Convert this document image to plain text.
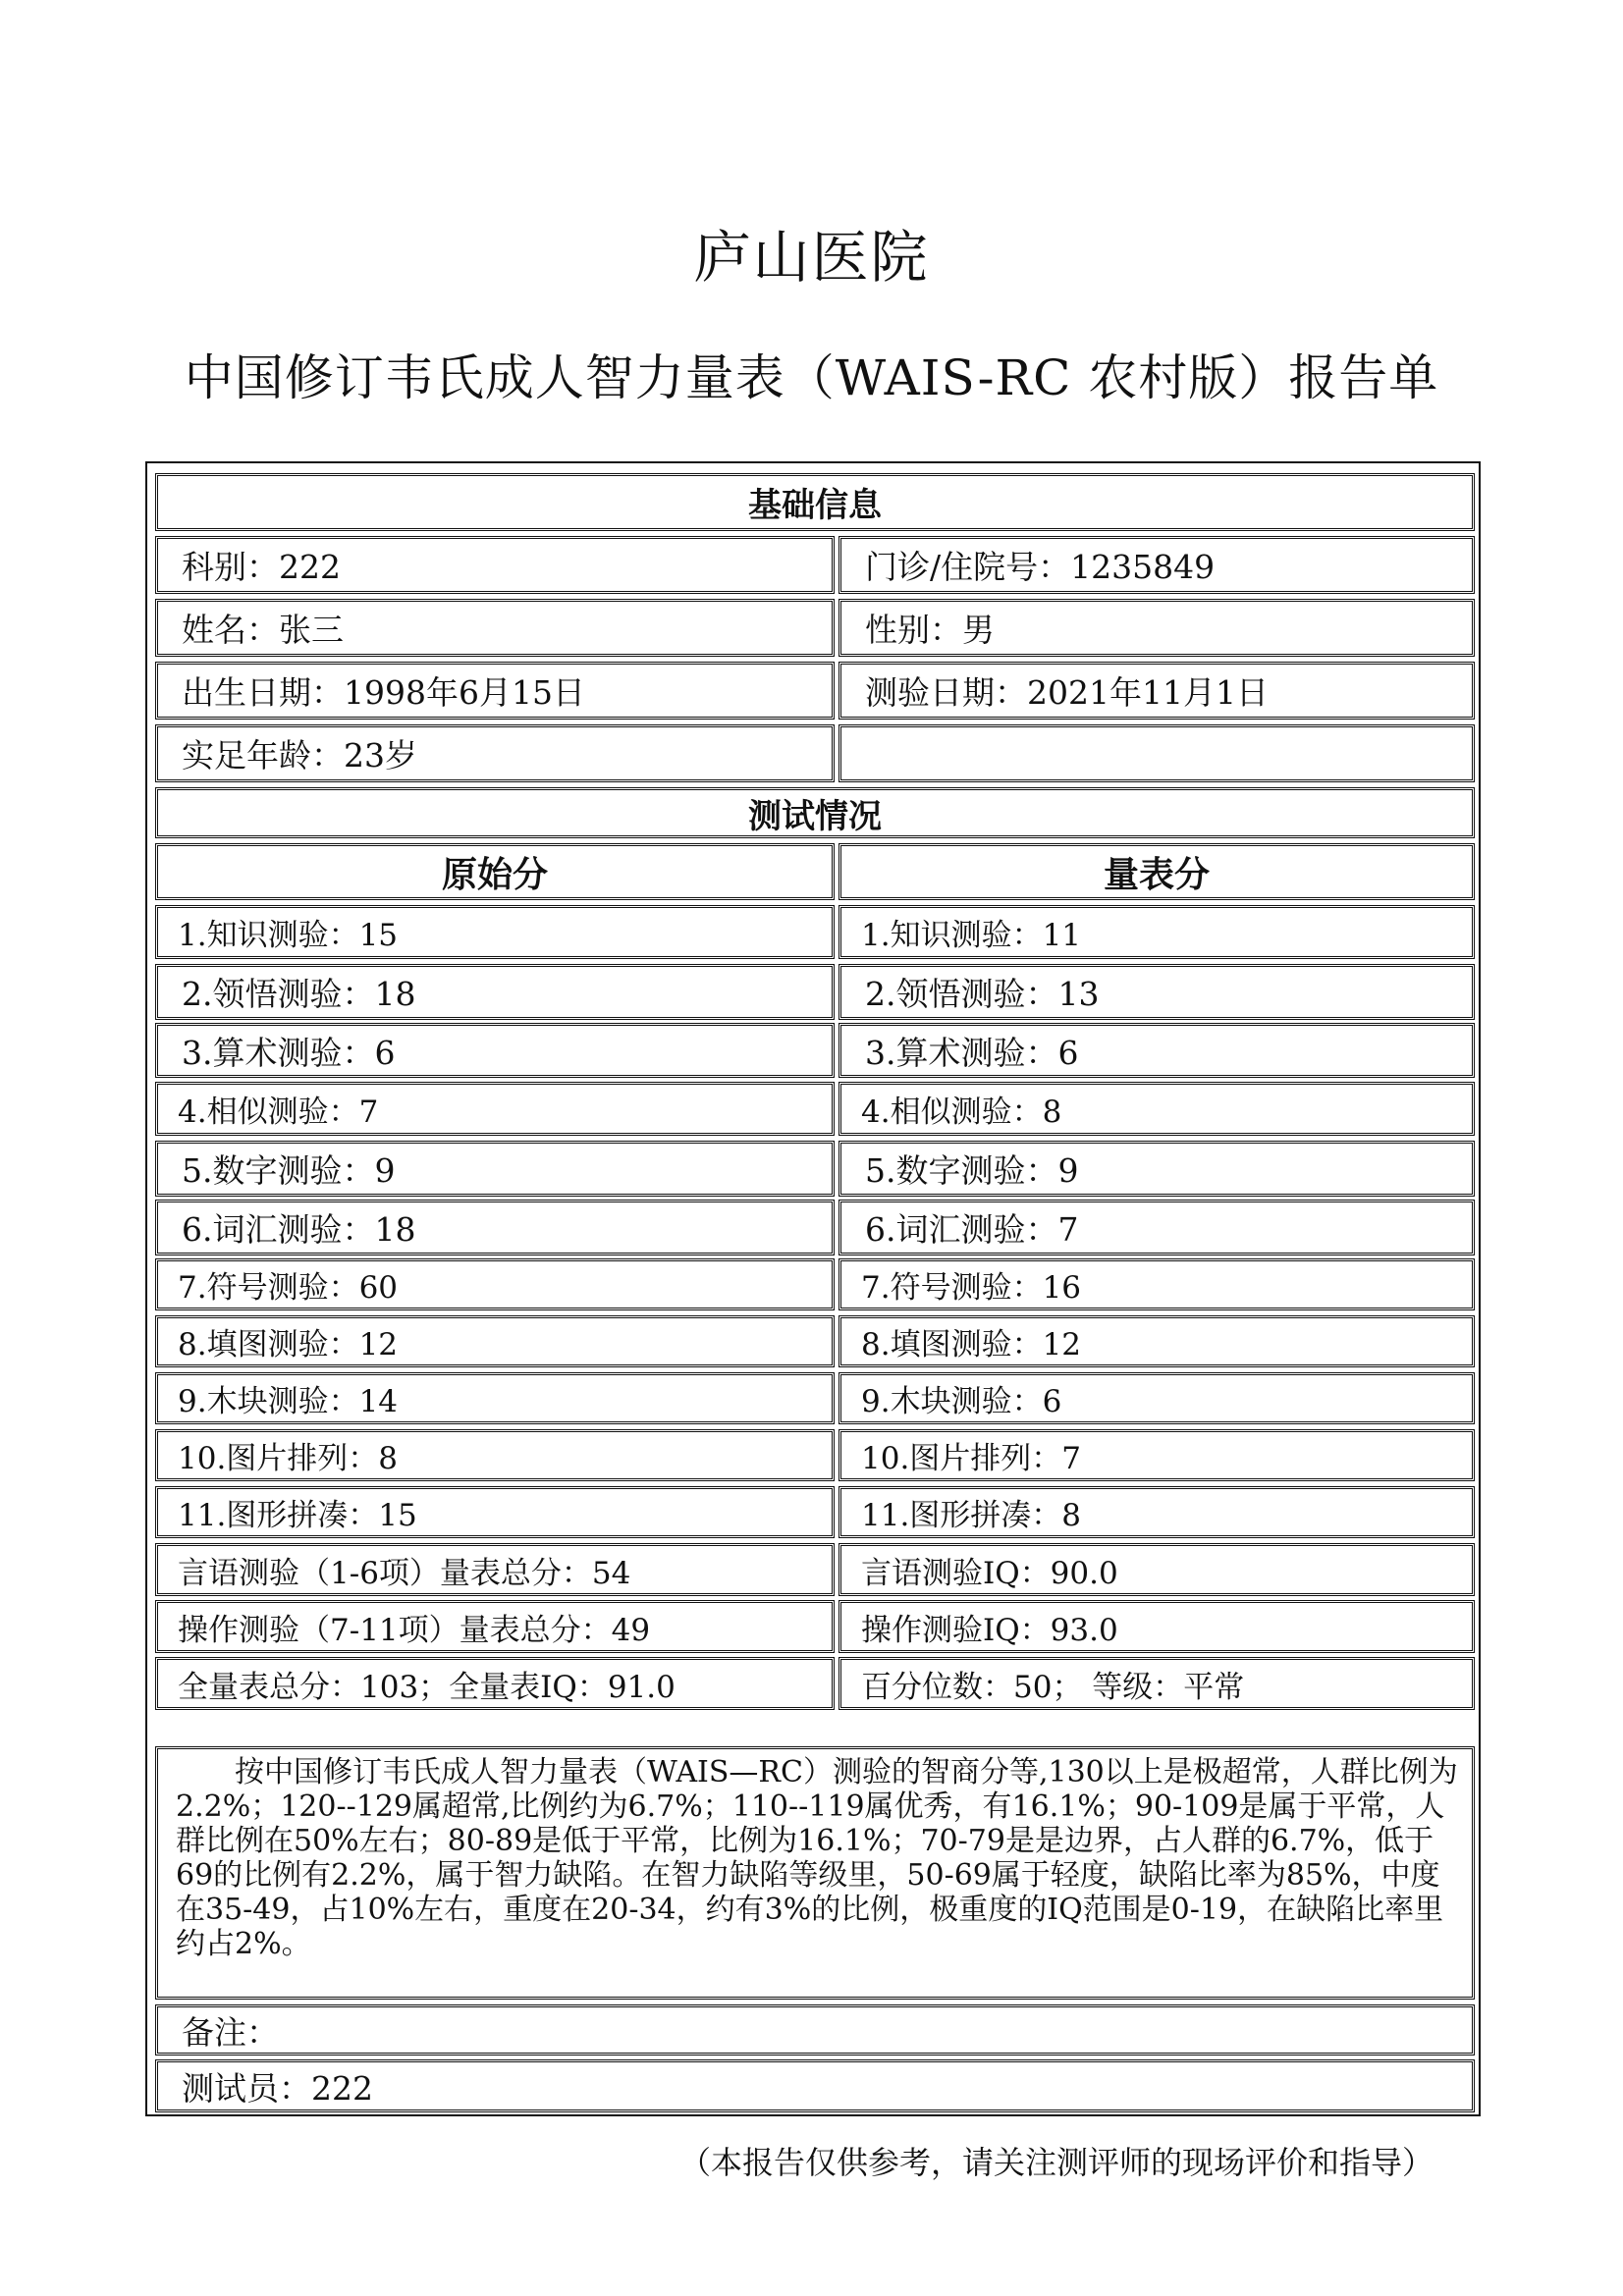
庐山医院
中国修订韦氏成人智力量表（WAIS-RC 农村版）报告单
基础信息
科别：222	门诊/住院号：1235849
姓名：张三	性别：男
出生日期：1998年6月15日	测验日期：2021年11月1日
实足年龄：23岁
测试情况
原始分	量表分
1.知识测验：15	1.知识测验：11
2.领悟测验：18	2.领悟测验：13
3.算术测验：6	3.算术测验：6
4.相似测验：7	4.相似测验：8
5.数字测验：9	5.数字测验：9
6.词汇测验：18	6.词汇测验：7
7.符号测验：60	7.符号测验：16
8.填图测验：12	8.填图测验：12
9.木块测验：14	9.木块测验：6
10.图片排列：8	10.图片排列：7
11.图形拼凑：15	11.图形拼凑：8
言语测验（1-6项）量表总分：54	言语测验IQ：90.0
操作测验（7-11项）量表总分：49	操作测验IQ：93.0
全量表总分：103；全量表IQ：91.0	百分位数：50； 等级：平常
按中国修订韦氏成人智力量表（WAIS—RC）测验的智商分等,130以上是极超常，人群比例为2.2%；120--129属超常,比例约为6.7%；110--119属优秀，有16.1%；90-109是属于平常，人群比例在50%左右；80-89是低于平常，比例为16.1%；70-79是是边界，占人群的6.7%，低于69的比例有2.2%，属于智力缺陷。在智力缺陷等级里，50-69属于轻度，缺陷比率为85%，中度在35-49，占10%左右，重度在20-34，约有3%的比例，极重度的IQ范围是0-19，在缺陷比率里约占2%。
备注：
测试员：222
（本报告仅供参考，请关注测评师的现场评价和指导）
